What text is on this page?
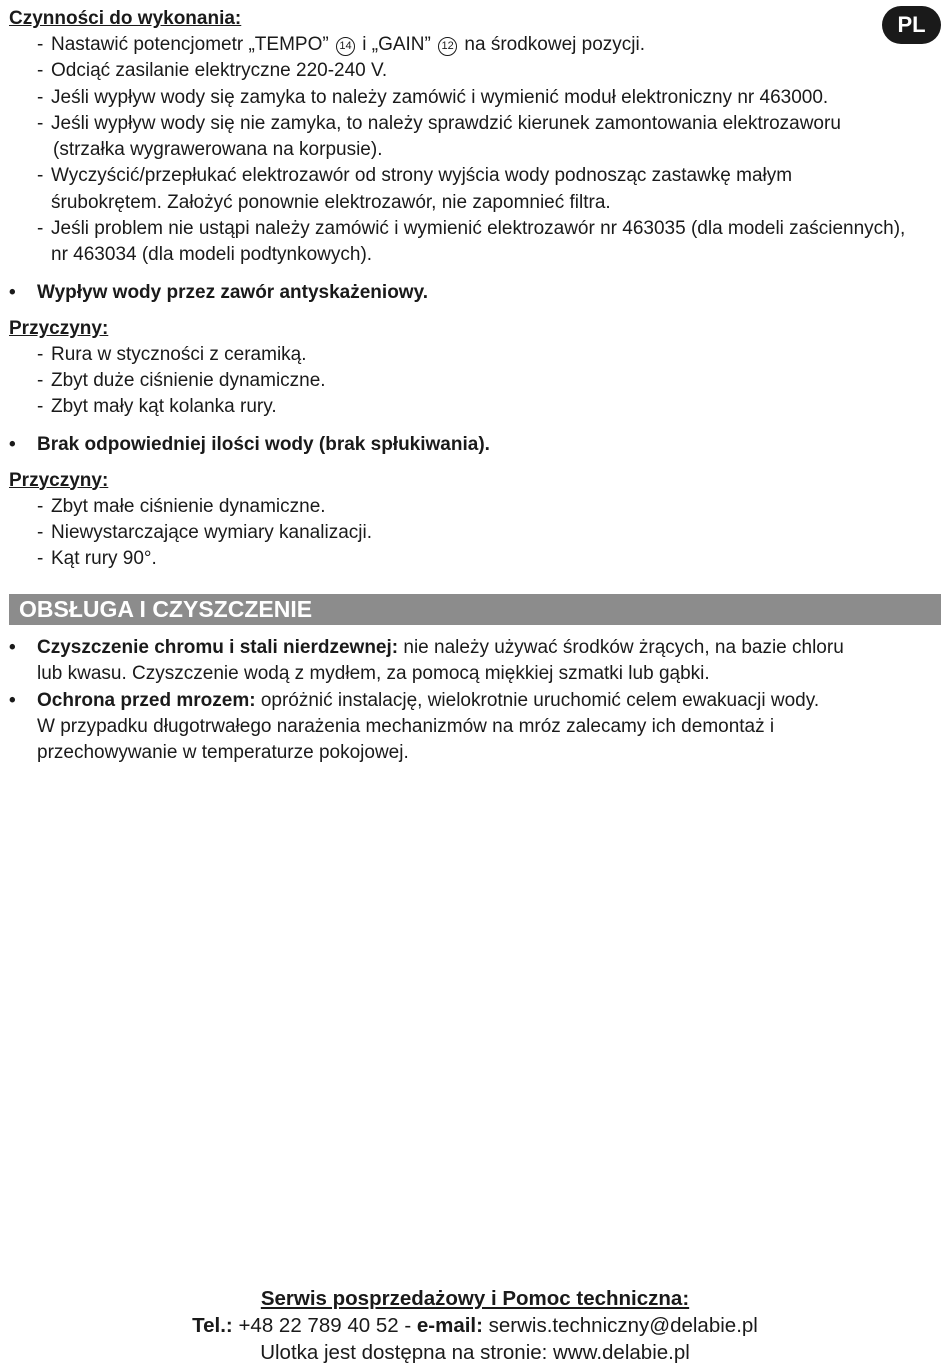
PL
Czynności do wykonania:
- Nastawić potencjometr „TEMPO” 14 i „GAIN” 12 na środkowej pozycji.
- Odciąć zasilanie elektryczne 220-240 V.
- Jeśli wypływ wody się zamyka to należy zamówić i wymienić moduł elektroniczny nr 463000.
- Jeśli wypływ wody się nie zamyka, to należy sprawdzić kierunek zamontowania elektrozaworu
(strzałka wygrawerowana na korpusie).
- Wyczyścić/przepłukać elektrozawór od strony wyjścia wody podnosząc zastawkę małym
śrubokrętem. Założyć ponownie elektrozawór, nie zapomnieć filtra.
- Jeśli problem nie ustąpi należy zamówić i wymienić elektrozawór nr 463035 (dla modeli zaściennych),
nr 463034 (dla modeli podtynkowych).
• Wypływ wody przez zawór antyskażeniowy.
Przyczyny:
- Rura w styczności z ceramiką.
- Zbyt duże ciśnienie dynamiczne.
- Zbyt mały kąt kolanka rury.
• Brak odpowiedniej ilości wody (brak spłukiwania).
Przyczyny:
- Zbyt małe ciśnienie dynamiczne.
- Niewystarczające wymiary kanalizacji.
- Kąt rury 90°.
OBSŁUGA I CZYSZCZENIE
• Czyszczenie chromu i stali nierdzewnej: nie należy używać środków żrących, na bazie chloru
lub kwasu. Czyszczenie wodą z mydłem, za pomocą miękkiej szmatki lub gąbki.
• Ochrona przed mrozem: opróżnić instalację, wielokrotnie uruchomić celem ewakuacji wody.
W przypadku długotrwałego narażenia mechanizmów na mróz zalecamy ich demontaż i
przechowywanie w temperaturze pokojowej.
Serwis posprzedażowy i Pomoc techniczna:
Tel.: +48 22 789 40 52 - e-mail: serwis.techniczny@delabie.pl
Ulotka jest dostępna na stronie: www.delabie.pl
